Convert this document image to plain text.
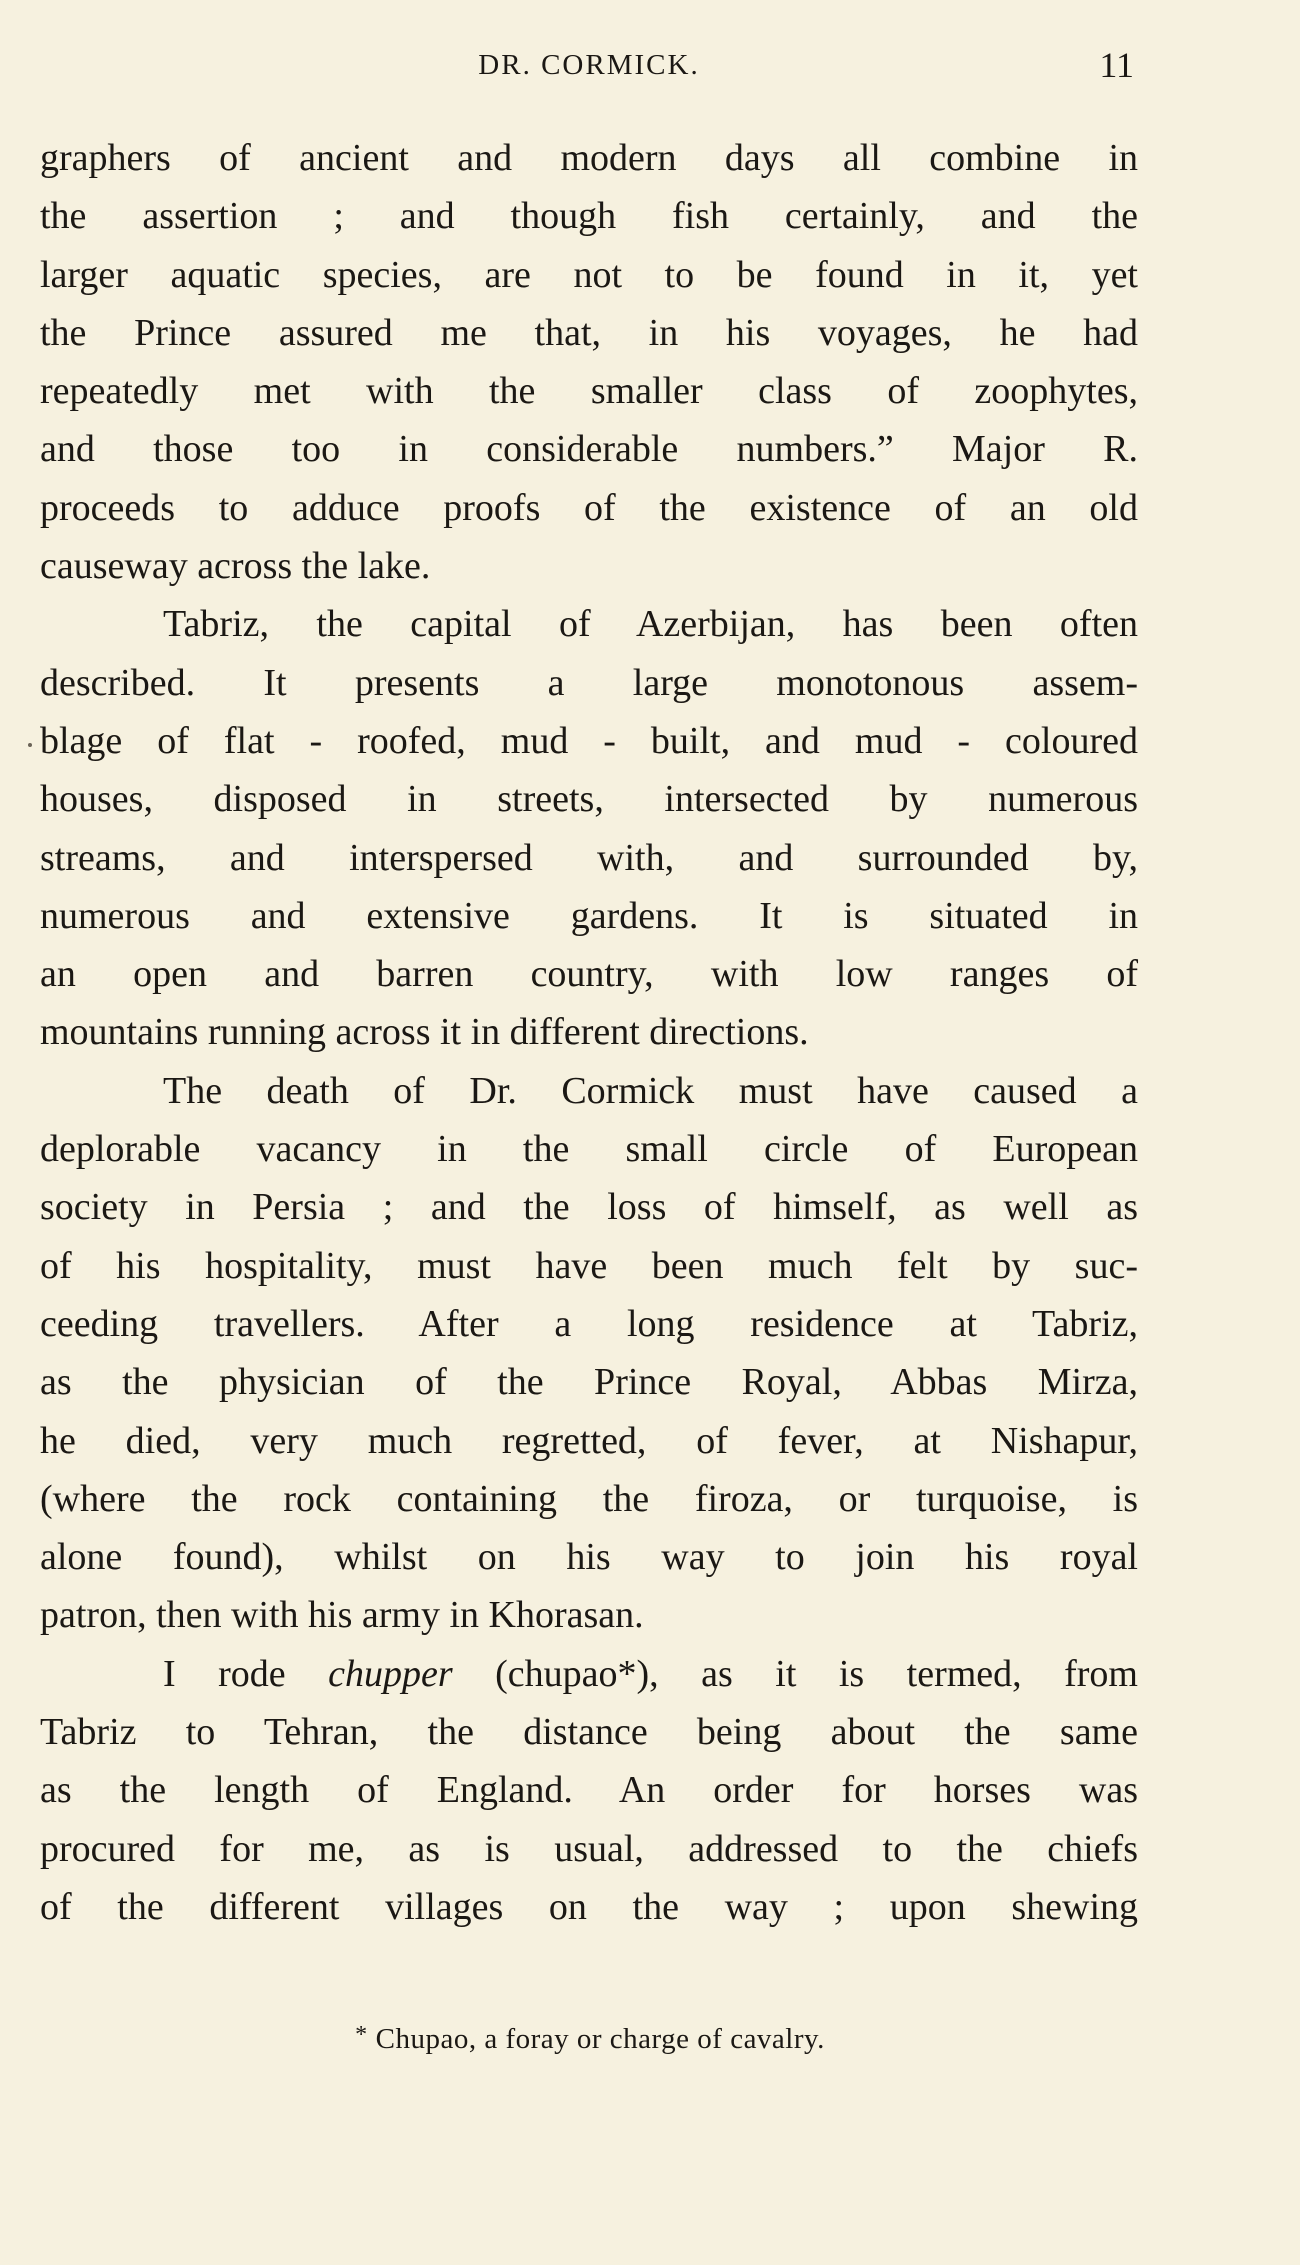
DR. CORMICK.	11
graphers of ancient and modern days all combine in
the assertion ; and though fish certainly, and the
larger aquatic species, are not to be found in it, yet
the Prince assured me that, in his voyages, he had
repeatedly met with the smaller class of zoophytes,
and those too in considerable numbers.” Major R.
proceeds to adduce proofs of the existence of an old
causeway across the lake.
Tabriz, the capital of Azerbijan, has been often
described. It presents a large monotonous assem-
blage of flat - roofed, mud - built, and mud - coloured
houses, disposed in streets, intersected by numerous
streams, and interspersed with, and surrounded by,
numerous and extensive gardens. It is situated in
an open and barren country, with low ranges of
mountains running across it in different directions.
The death of Dr. Cormick must have caused a
deplorable vacancy in the small circle of European
society in Persia ; and the loss of himself, as well as
of his hospitality, must have been much felt by suc-
ceeding travellers. After a long residence at Tabriz,
as the physician of the Prince Royal, Abbas Mirza,
he died, very much regretted, of fever, at Nishapur,
(where the rock containing the firoza, or turquoise, is
alone found), whilst on his way to join his royal
patron, then with his army in Khorasan.
I rode chupper (chupao*), as it is termed, from
Tabriz to Tehran, the distance being about the same
as the length of England. An order for horses was
procured for me, as is usual, addressed to the chiefs
of the different villages on the way ; upon shewing
* Chupao, a foray or charge of cavalry.
